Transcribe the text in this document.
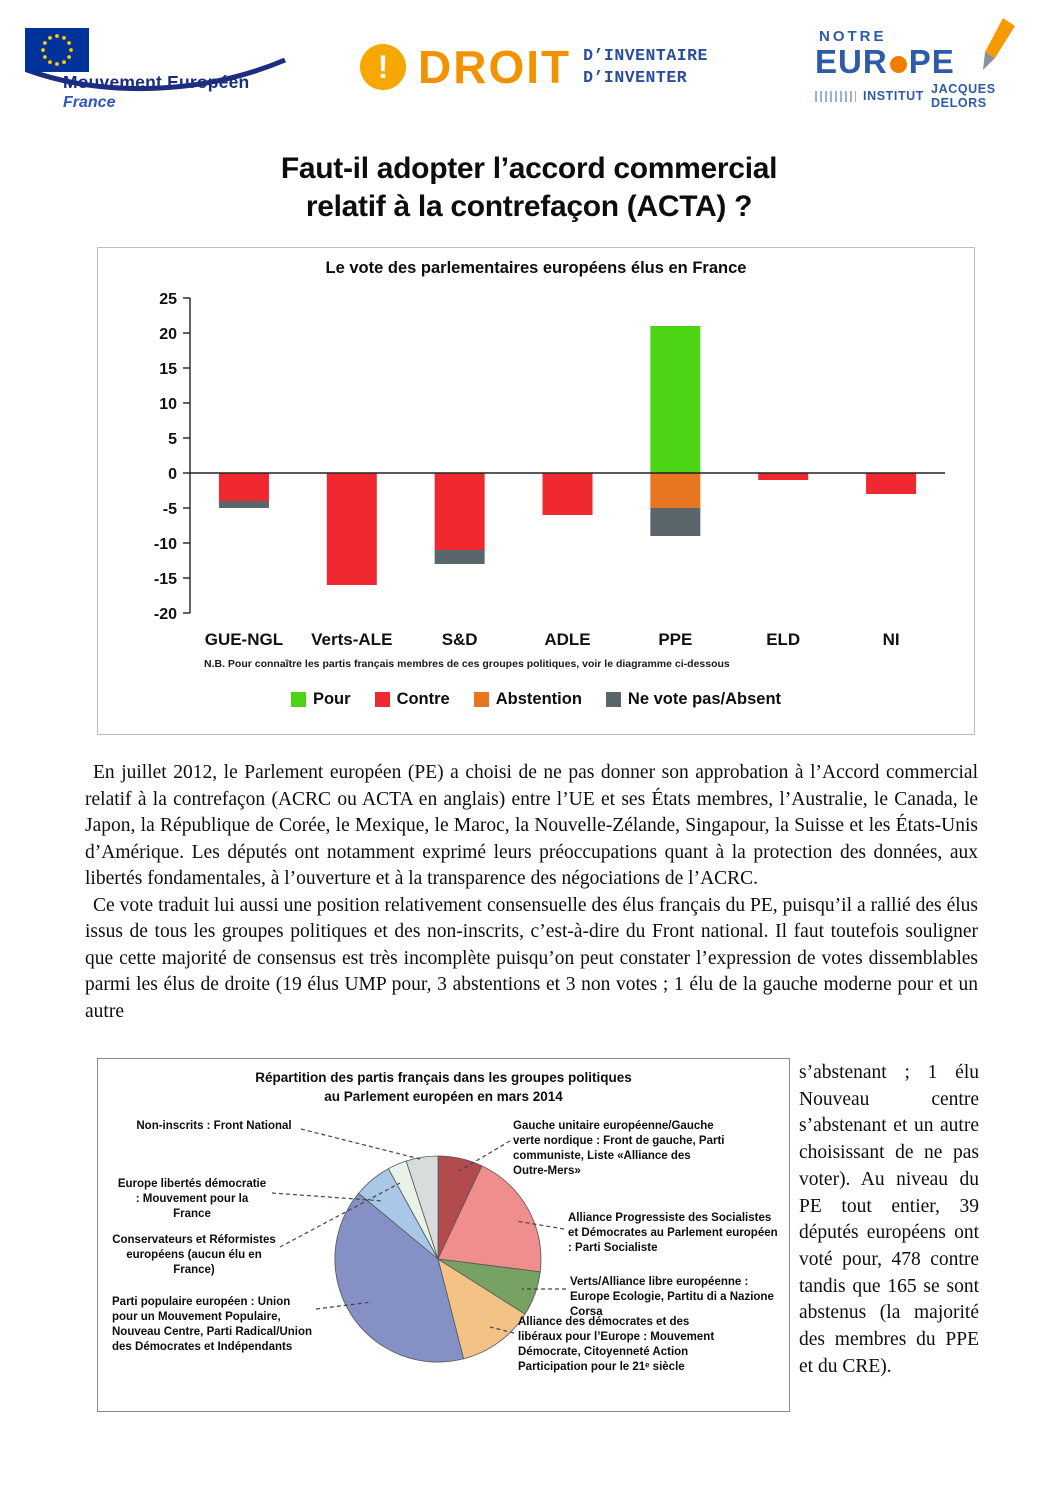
Mouvement Européen
France
! DROIT D’INVENTAIRE
D’INVENTER
NOTRE
EUR PE
INSTITUT JACQUES DELORS
Faut-il adopter l’accord commercial
relatif à la contrefaçon (ACTA) ?
Le vote des parlementaires européens élus en France
GUE-NGL Verts-ALE	S&D	ADLE	PPE	ELD	NI
25
20
15
10
5
0
-5
-10
-15
-20
N.B. Pour connaître les partis français membres de ces groupes politiques, voir le diagramme ci-dessous
Pour	Contre	Abstention	Ne vote pas/Absent

En juillet 2012, le Parlement européen (PE) a choisi de ne pas donner son approbation à l’Accord commercial relatif à la contrefaçon (ACRC ou ACTA en anglais) entre l’UE et ses États membres, l’Australie, le Canada, le Japon, la République de Corée, le Mexique, le Maroc, la Nouvelle-Zélande, Singapour, la Suisse et les États-Unis d’Amérique. Les députés ont notamment exprimé leurs préoccupations quant à la protection des données, aux libertés fondamentales, à l’ouverture et à la transparence des négociations de l’ACRC.

Ce vote traduit lui aussi une position relativement consensuelle des élus français du PE, puisqu’il a rallié des élus issus de tous les groupes politiques et des non-inscrits, c’est-à-dire du Front national. Il faut toutefois souligner que cette majorité de consensus est très incomplète puisqu’on peut constater l’expression de votes dissemblables parmi les élus de droite (19 élus UMP pour, 3 abstentions et 3 non votes ; 1 élu de la gauche moderne pour et un autre

Répartition des partis français dans les groupes politiques
au Parlement européen en mars 2014
Non-inscrits : Front National
Europe libertés démocratie : Mouvement pour la France
Conservateurs et Réformistes européens (aucun élu en France)
Parti populaire européen : Union pour un Mouvement Populaire, Nouveau Centre, Parti Radical/Union des Démocrates et Indépendants
Gauche unitaire européenne/Gauche verte nordique : Front de gauche, Parti communiste, Liste «Alliance des Outre-Mers»
Alliance Progressiste des Socialistes et Démocrates au Parlement européen : Parti Socialiste
Verts/Alliance libre européenne : Europe Ecologie, Partitu di a Nazione Corsa
Alliance des démocrates et des libéraux pour l’Europe : Mouvement Démocrate, Citoyenneté Action Participation pour le 21ᵉ siècle
s’abstenant ; 1 élu Nouveau centre s’abstenant et un autre choisissant de ne pas voter). Au niveau du PE tout entier, 39 députés européens ont voté pour, 478 contre tandis que 165 se sont abstenus (la majorité des membres du PPE et du CRE).
